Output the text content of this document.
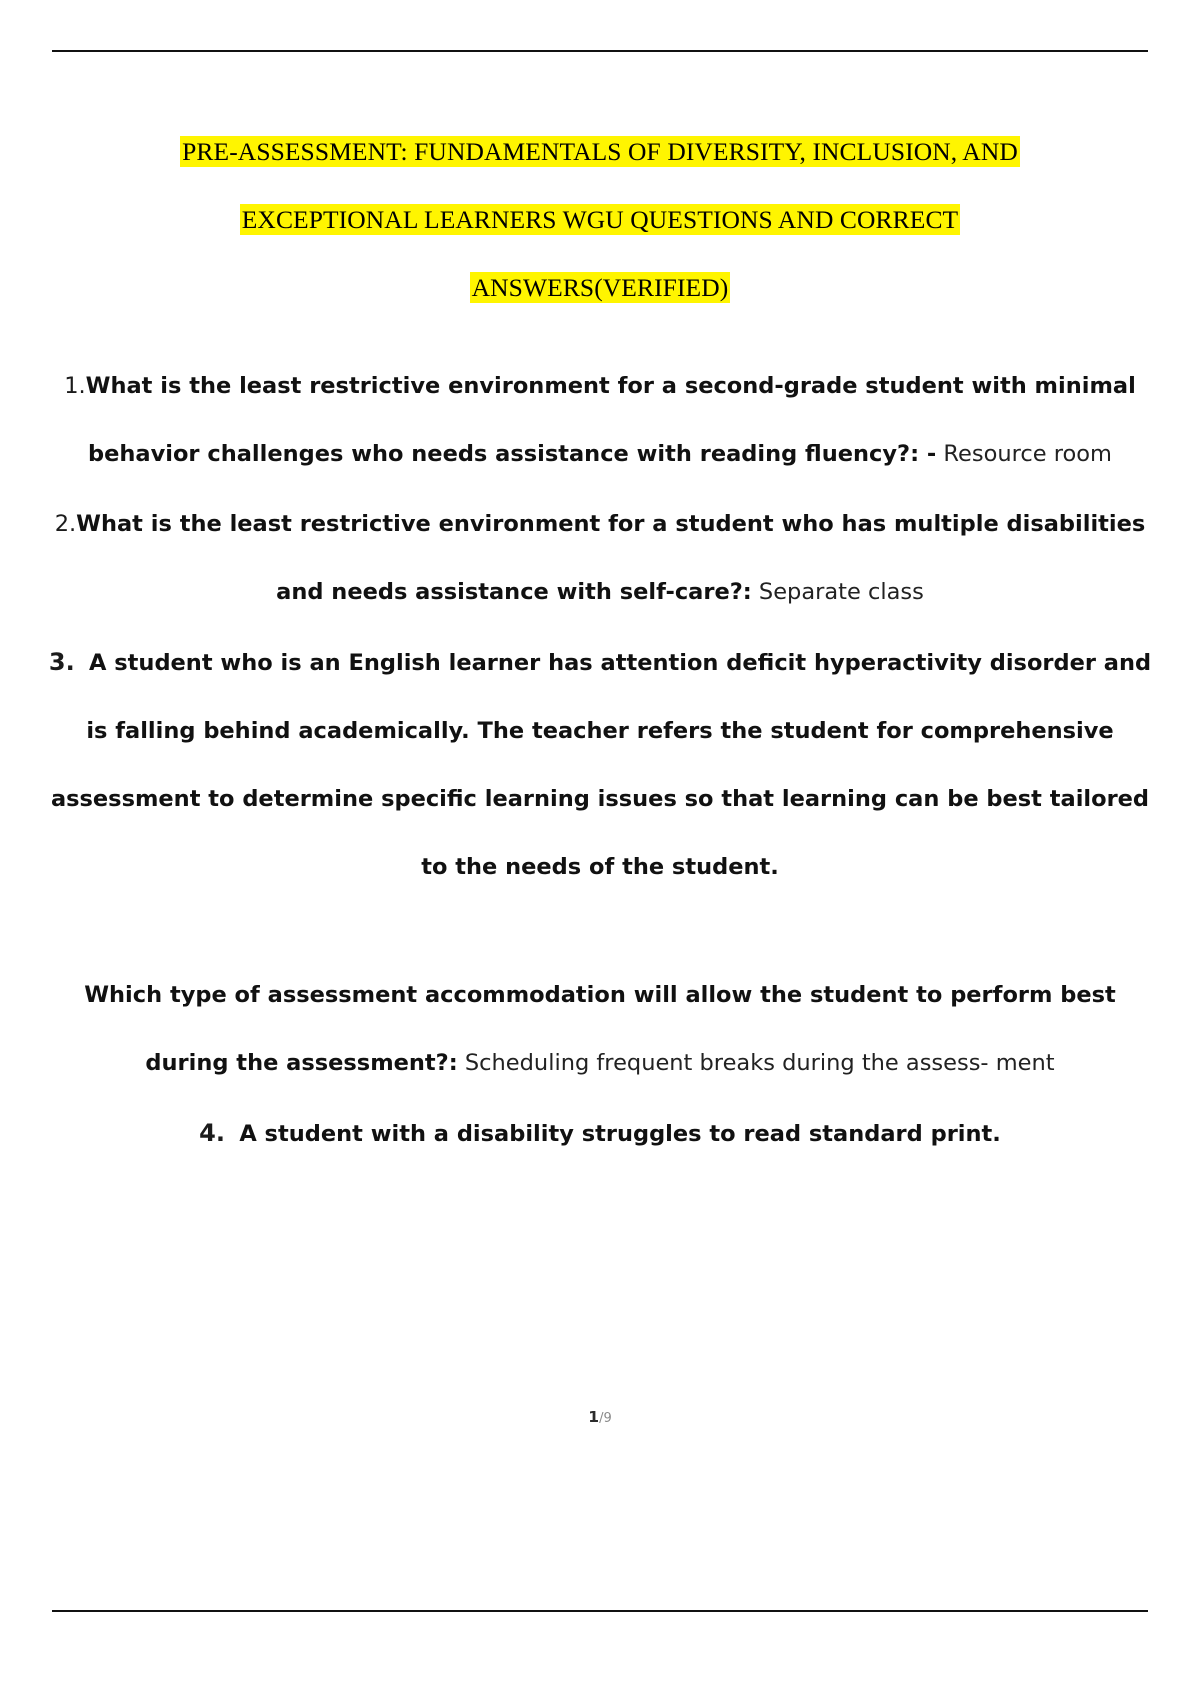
PRE-ASSESSMENT: FUNDAMENTALS OF DIVERSITY, INCLUSION, AND
EXCEPTIONAL LEARNERS WGU QUESTIONS AND CORRECT
ANSWERS(VERIFIED)
1.What is the least restrictive environment for a second-grade student with minimal behavior challenges who needs assistance with reading fluency?: - Resource room
2.What is the least restrictive environment for a student who has multiple disabilities and needs assistance with self-care?: Separate class
3. A student who is an English learner has attention deficit hyperactivity disorder and is falling behind academically. The teacher refers the student for comprehensive assessment to determine specific learning issues so that learning can be best tailored to the needs of the student.
Which type of assessment accommodation will allow the student to perform best during the assessment?: Scheduling frequent breaks during the assess- ment
4. A student with a disability struggles to read standard print.
1/9
